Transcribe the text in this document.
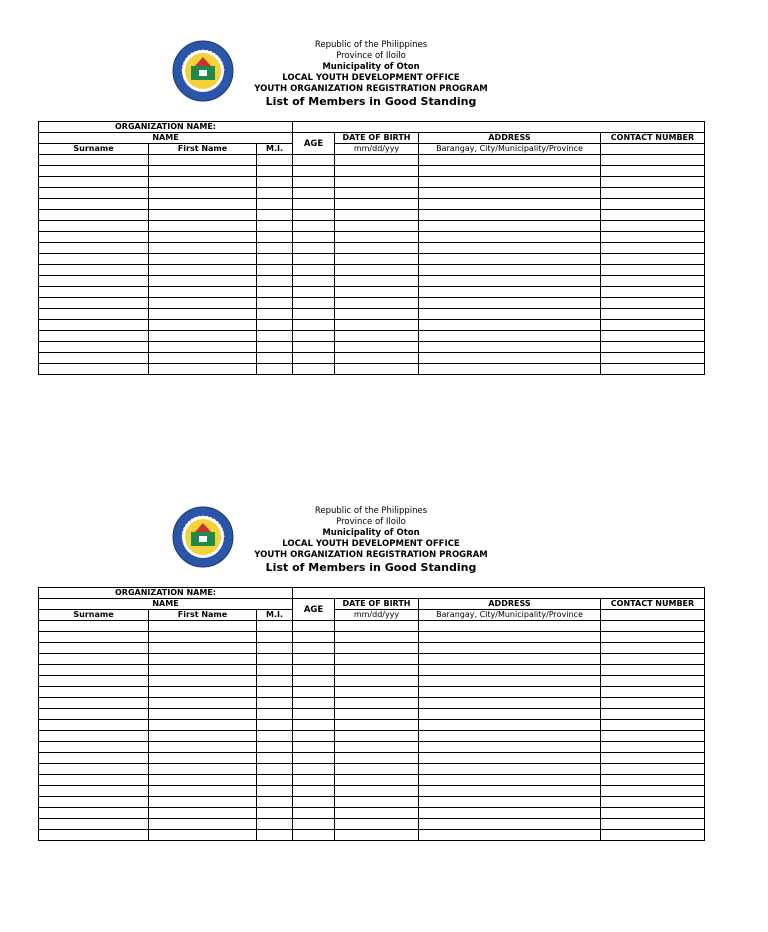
Republic of the Philippines
Province of Iloilo
Municipality of Oton
LOCAL YOUTH DEVELOPMENT OFFICE
YOUTH ORGANIZATION REGISTRATION PROGRAM
List of Members in Good Standing
ORGANIZATION NAME:						
NAME			AGE	DATE OF BIRTH	ADDRESS	CONTACT NUMBER
Surname	First Name	M.I.		mm/dd/yyy	Barangay, City/Municipality/Province	

Republic of the Philippines
Province of Iloilo
Municipality of Oton
LOCAL YOUTH DEVELOPMENT OFFICE
YOUTH ORGANIZATION REGISTRATION PROGRAM
List of Members in Good Standing
ORGANIZATION NAME:						
NAME			AGE	DATE OF BIRTH	ADDRESS	CONTACT NUMBER
Surname	First Name	M.I.		mm/dd/yyy	Barangay, City/Municipality/Province	
